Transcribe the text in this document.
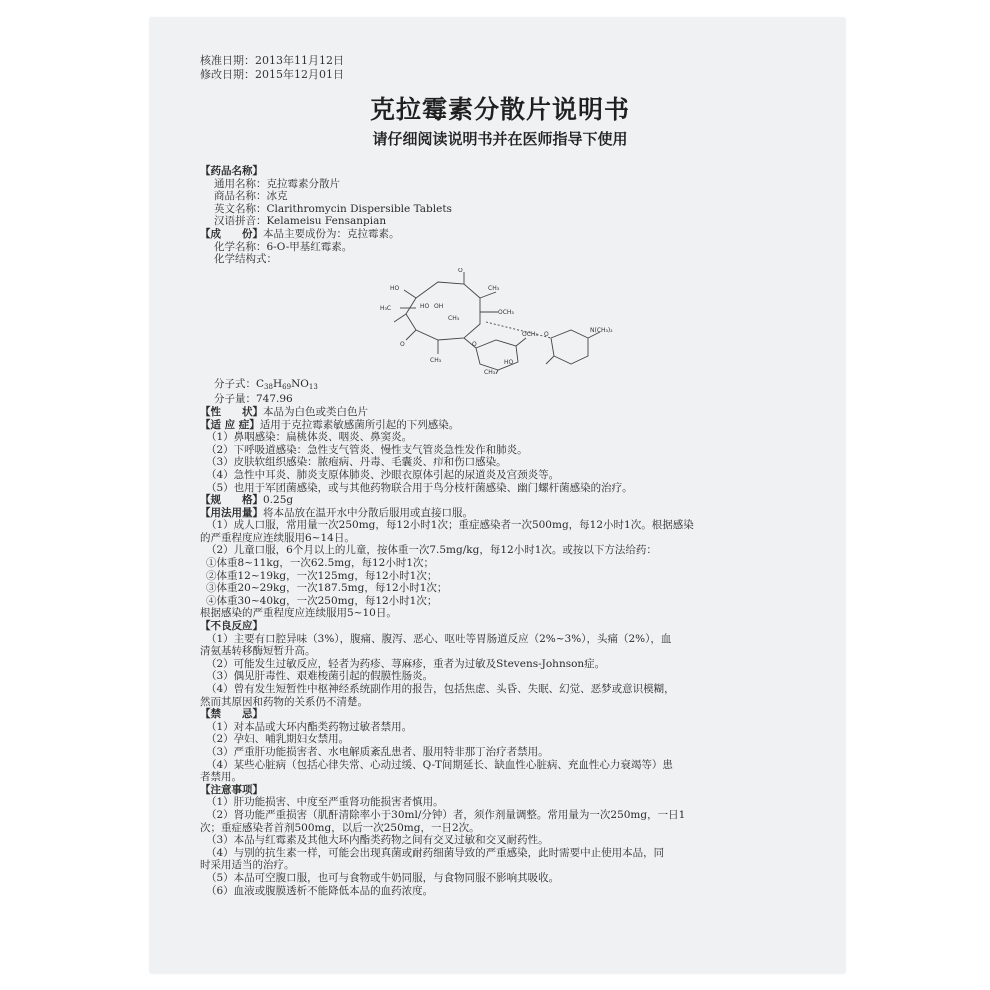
核准日期：2013年11月12日
修改日期：2015年12月01日
克拉霉素分散片说明书
请仔细阅读说明书并在医师指导下使用
【药品名称】
通用名称：克拉霉素分散片
商品名称：冰克
英文名称：Clarithromycin Dispersible Tablets
汉语拼音：Kelameisu Fensanpian
【成　　份】本品主要成份为：克拉霉素。
化学名称：6-O-甲基红霉素。
化学结构式：
O
CH₃
OCH₃
HO
H₃C	HO OH
CH₃
O
CH₃
O
N(CH₃)₂
O
OCH₃
HO
CH₃
分子式：$C_{38}H_{69}NO_{13}$
分子量：747.96
【性　　状】本品为白色或类白色片
【适 应 症】适用于克拉霉素敏感菌所引起的下列感染。
（1）鼻咽感染：扁桃体炎、咽炎、鼻窦炎。
（2）下呼吸道感染：急性支气管炎、慢性支气管炎急性发作和肺炎。
（3）皮肤软组织感染：脓疱病、丹毒、毛囊炎、疖和伤口感染。
（4）急性中耳炎、肺炎支原体肺炎、沙眼衣原体引起的尿道炎及宫颈炎等。
（5）也用于军团菌感染，或与其他药物联合用于鸟分枝杆菌感染、幽门螺杆菌感染的治疗。
【规　　格】0.25g
【用法用量】将本品放在温开水中分散后服用或直接口服。
（1）成人口服，常用量一次250mg，每12小时1次；重症感染者一次500mg，每12小时1次。根据感染
的严重程度应连续服用6~14日。
（2）儿童口服，6个月以上的儿童，按体重一次7.5mg/kg，每12小时1次。或按以下方法给药：
①体重8~11kg，一次62.5mg，每12小时1次；
②体重12~19kg，一次125mg，每12小时1次；
③体重20~29kg，一次187.5mg，每12小时1次；
④体重30~40kg，一次250mg，每12小时1次；
根据感染的严重程度应连续服用5~10日。
【不良反应】
（1）主要有口腔异味（3%），腹痛、腹泻、恶心、呕吐等胃肠道反应（2%~3%），头痛（2%），血
清氨基转移酶短暂升高。
（2）可能发生过敏反应，轻者为药疹、荨麻疹，重者为过敏及Stevens-Johnson症。
（3）偶见肝毒性、艰难梭菌引起的假膜性肠炎。
（4）曾有发生短暂性中枢神经系统副作用的报告，包括焦虑、头昏、失眠、幻觉、恶梦或意识模糊，
然而其原因和药物的关系仍不清楚。
【禁　　忌】
（1）对本品或大环内酯类药物过敏者禁用。
（2）孕妇、哺乳期妇女禁用。
（3）严重肝功能损害者、水电解质紊乱患者、服用特非那丁治疗者禁用。
（4）某些心脏病（包括心律失常、心动过缓、Q-T间期延长、缺血性心脏病、充血性心力衰竭等）患
者禁用。
【注意事项】
（1）肝功能损害、中度至严重肾功能损害者慎用。
（2）肾功能严重损害（肌酐清除率小于30ml/分钟）者，须作剂量调整。常用量为一次250mg，一日1
次；重症感染者首剂500mg，以后一次250mg，一日2次。
（3）本品与红霉素及其他大环内酯类药物之间有交叉过敏和交叉耐药性。
（4）与别的抗生素一样，可能会出现真菌或耐药细菌导致的严重感染，此时需要中止使用本品，同
时采用适当的治疗。
（5）本品可空腹口服，也可与食物或牛奶同服，与食物同服不影响其吸收。
（6）血液或腹膜透析不能降低本品的血药浓度。
